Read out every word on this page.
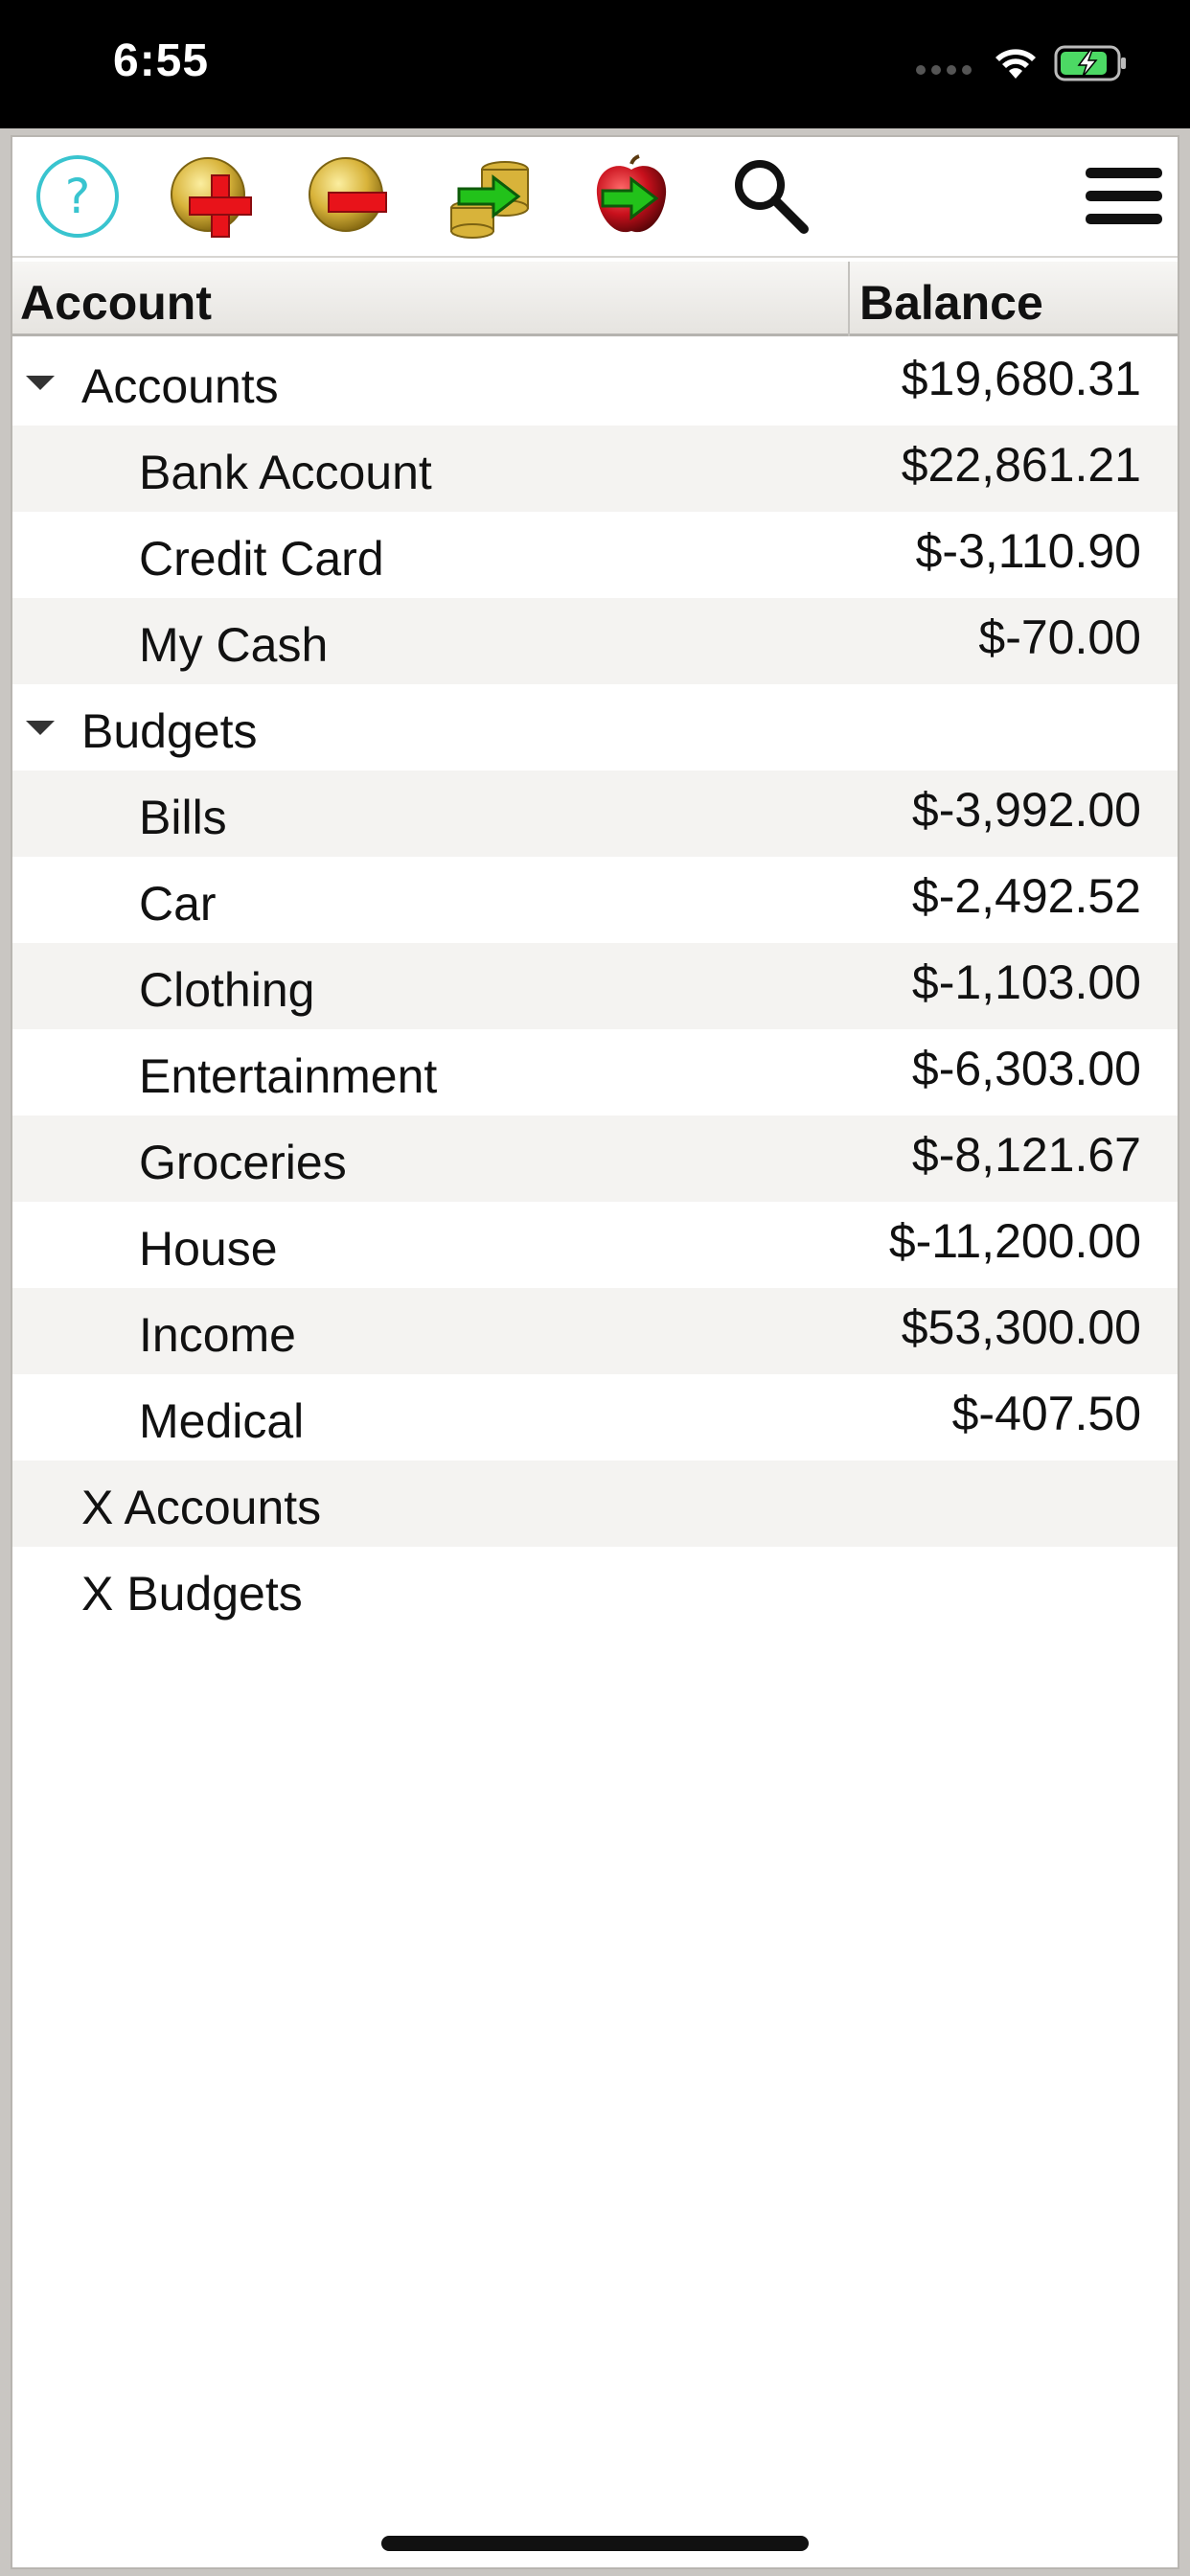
6:55
?
Account	Balance
Accounts	$19,680.31
Bank Account	$22,861.21
Credit Card	$-3,110.90
My Cash	$-70.00
Budgets
Bills	$-3,992.00
Car	$-2,492.52
Clothing	$-1,103.00
Entertainment	$-6,303.00
Groceries	$-8,121.67
House	$-11,200.00
Income	$53,300.00
Medical	$-407.50
X Accounts
X Budgets
